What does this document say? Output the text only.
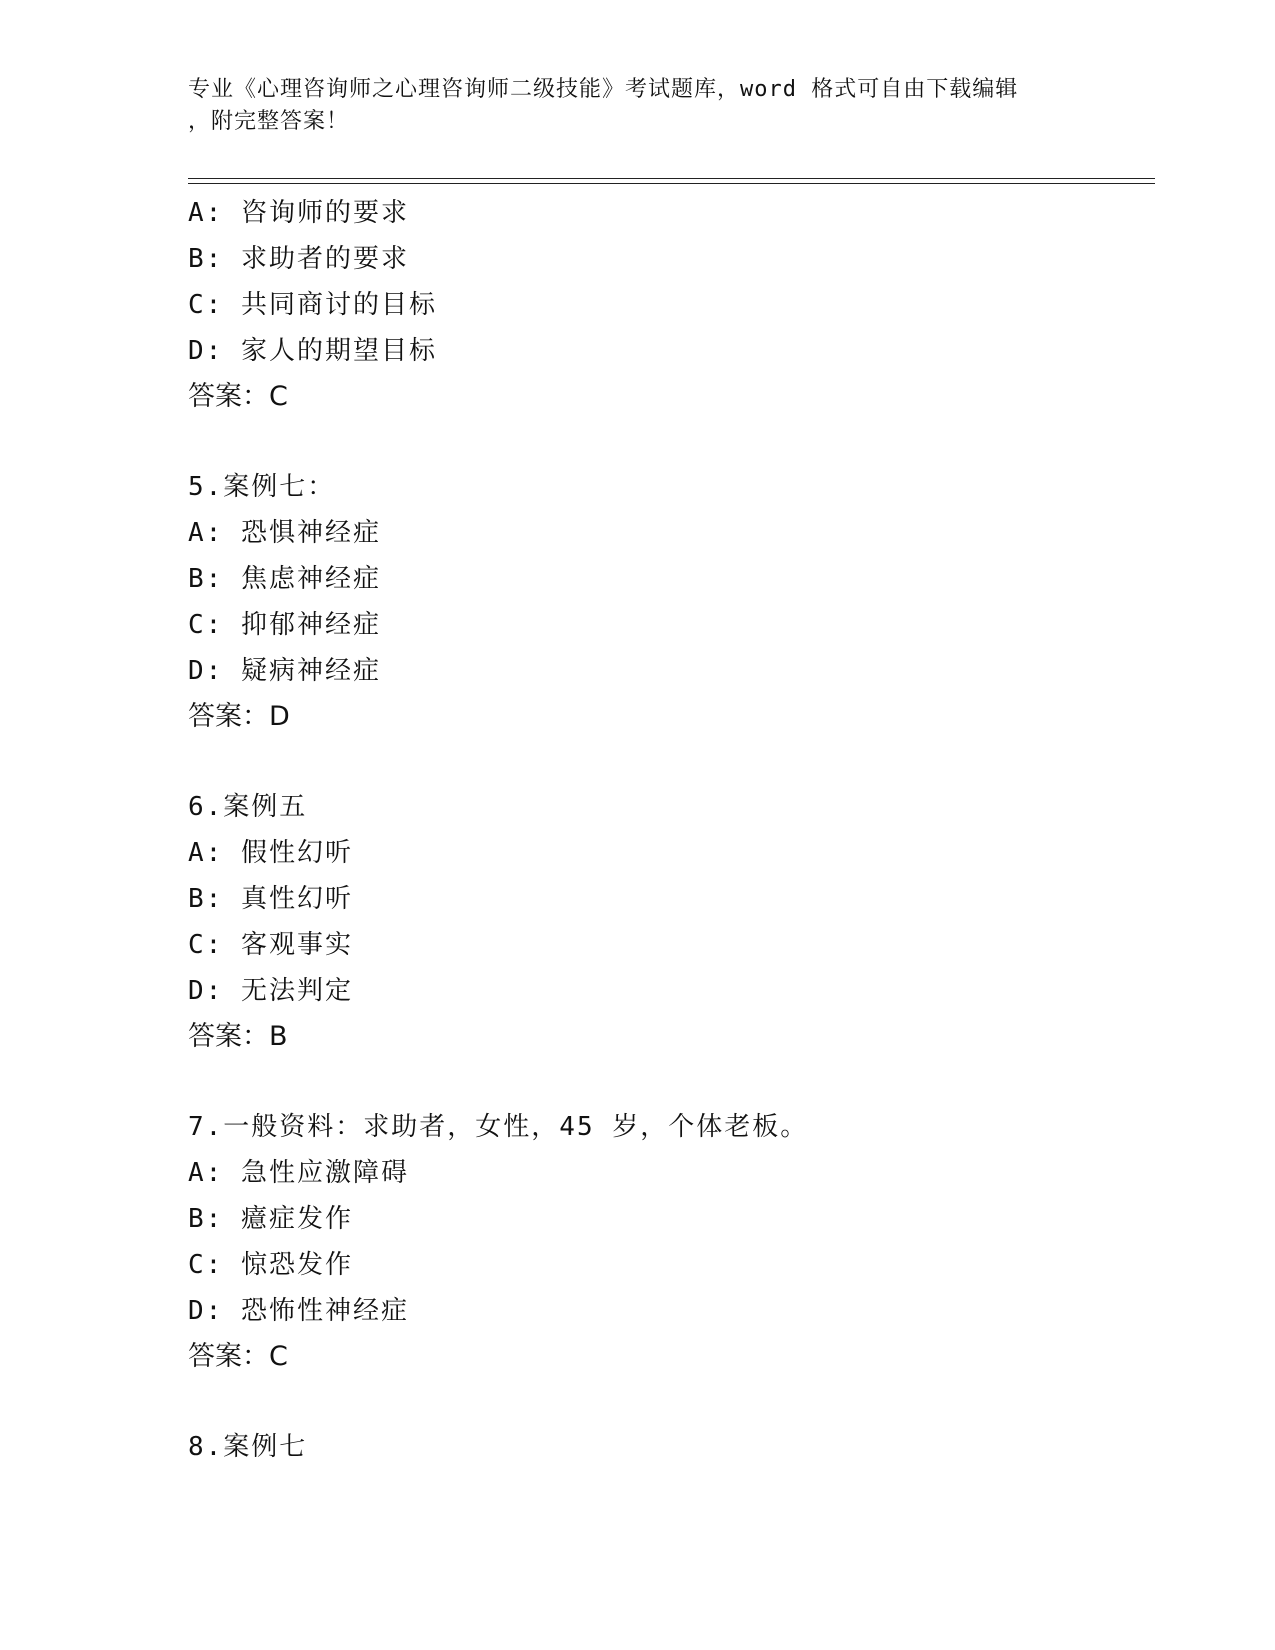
专业《心理咨询师之心理咨询师二级技能》考试题库，word 格式可自由下载编辑
，附完整答案！
A: 咨询师的要求
B: 求助者的要求
C: 共同商讨的目标
D: 家人的期望目标
答案：C
5.案例七：
A: 恐惧神经症
B: 焦虑神经症
C: 抑郁神经症
D: 疑病神经症
答案：D
6.案例五
A: 假性幻听
B: 真性幻听
C: 客观事实
D: 无法判定
答案：B
7.一般资料：求助者，女性，45 岁，个体老板。
A: 急性应激障碍
B: 癔症发作
C: 惊恐发作
D: 恐怖性神经症
答案：C
8.案例七
